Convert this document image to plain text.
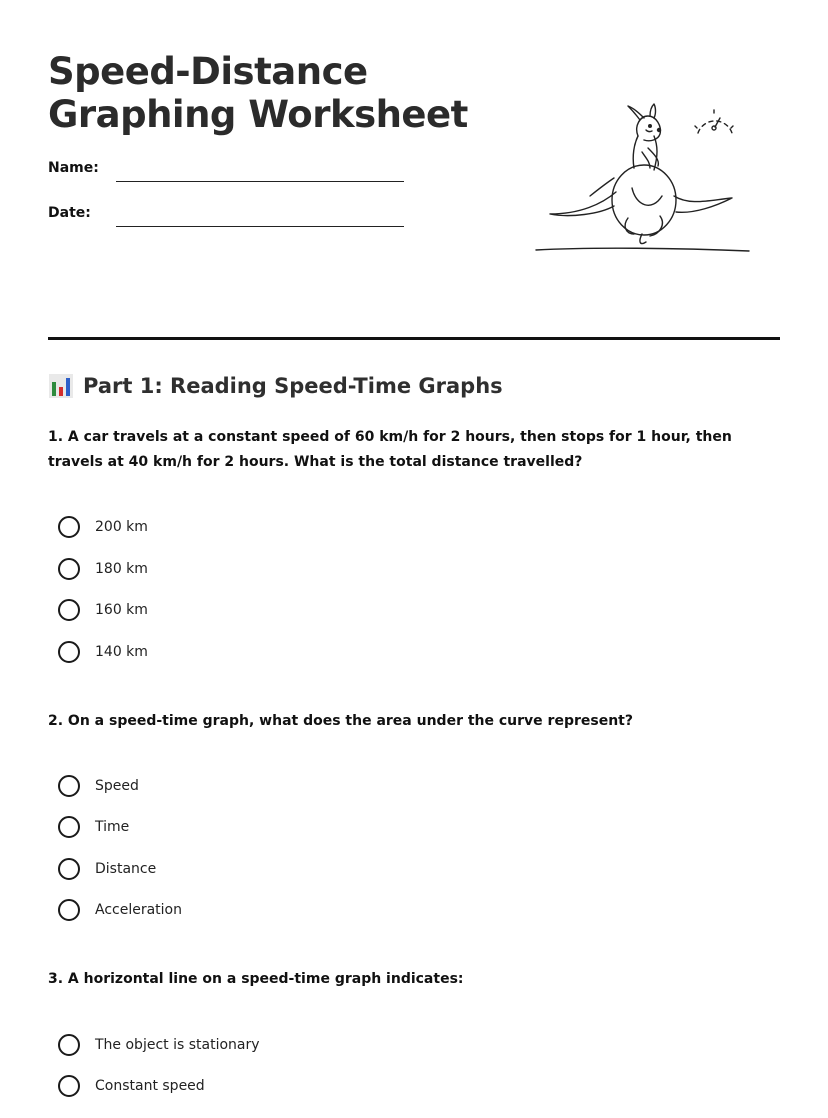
Speed-Distance
Graphing Worksheet
Name:
Date:
Part 1: Reading Speed-Time Graphs

1. A car travels at a constant speed of 60 km/h for 2 hours, then stops for 1 hour, then travels at 40 km/h for 2 hours. What is the total distance travelled?

200 km
180 km
160 km
140 km

2. On a speed-time graph, what does the area under the curve represent?

Speed
Time
Distance
Acceleration

3. A horizontal line on a speed-time graph indicates:

The object is stationary
Constant speed
